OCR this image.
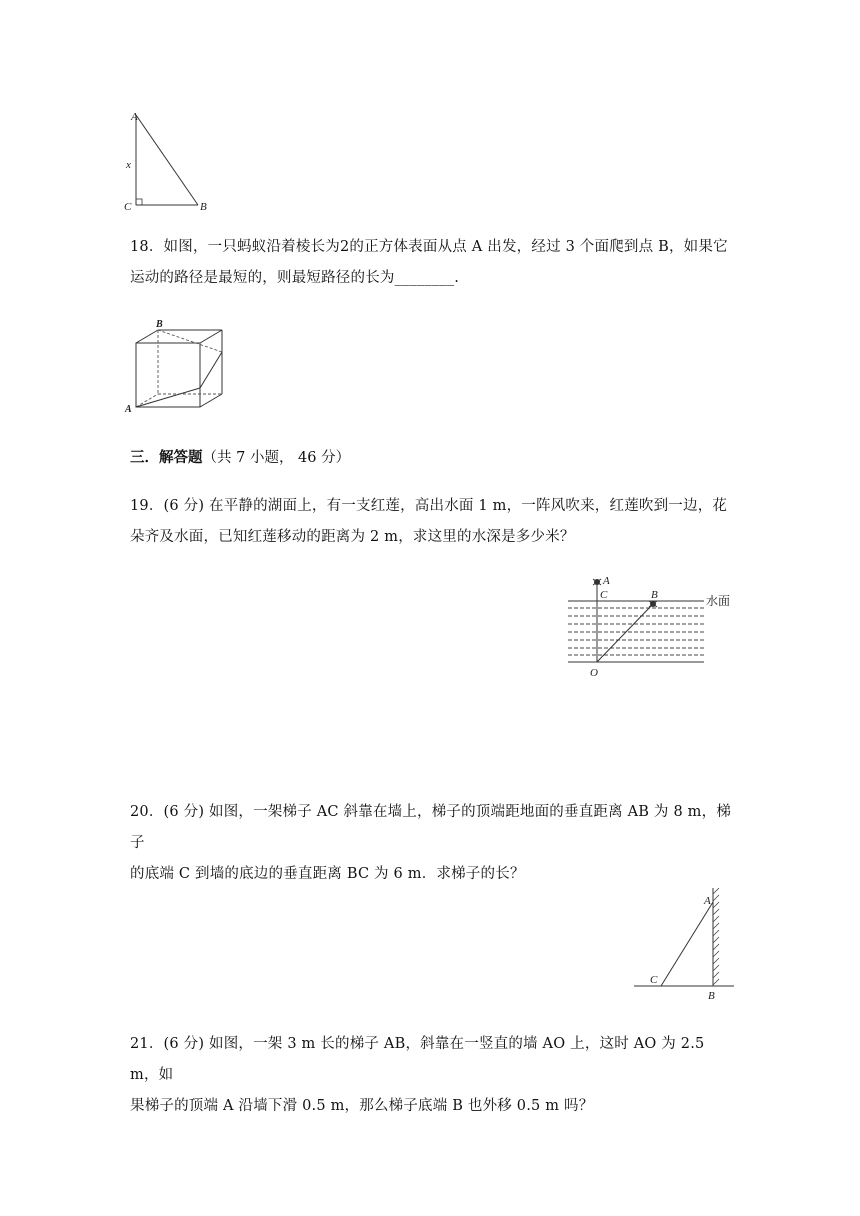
A
x
C	B

18．如图，一只蚂蚁沿着棱长为2的正方体表面从点 A 出发，经过 3 个面爬到点 B，如果它
运动的路径是最短的，则最短路径的长为________.

B
A
三．解答题（共 7 小题， 46 分）

19．(6 分) 在平静的湖面上，有一支红莲，高出水面 1 m，一阵风吹来，红莲吹到一边，花
朵齐及水面，已知红莲移动的距离为 2 m，求这里的水深是多少米？

A
C	B
O
水面

20．(6 分) 如图，一架梯子 AC 斜靠在墙上，梯子的顶端距地面的垂直距离 AB 为 8 m，梯子
的底端 C 到墙的底边的垂直距离 BC 为 6 m．求梯子的长？

A
C
B

21．(6 分) 如图，一架 3 m 长的梯子 AB，斜靠在一竖直的墙 AO 上，这时 AO 为 2.5 m，如
果梯子的顶端 A 沿墙下滑 0.5 m，那么梯子底端 B 也外移 0.5 m 吗？
